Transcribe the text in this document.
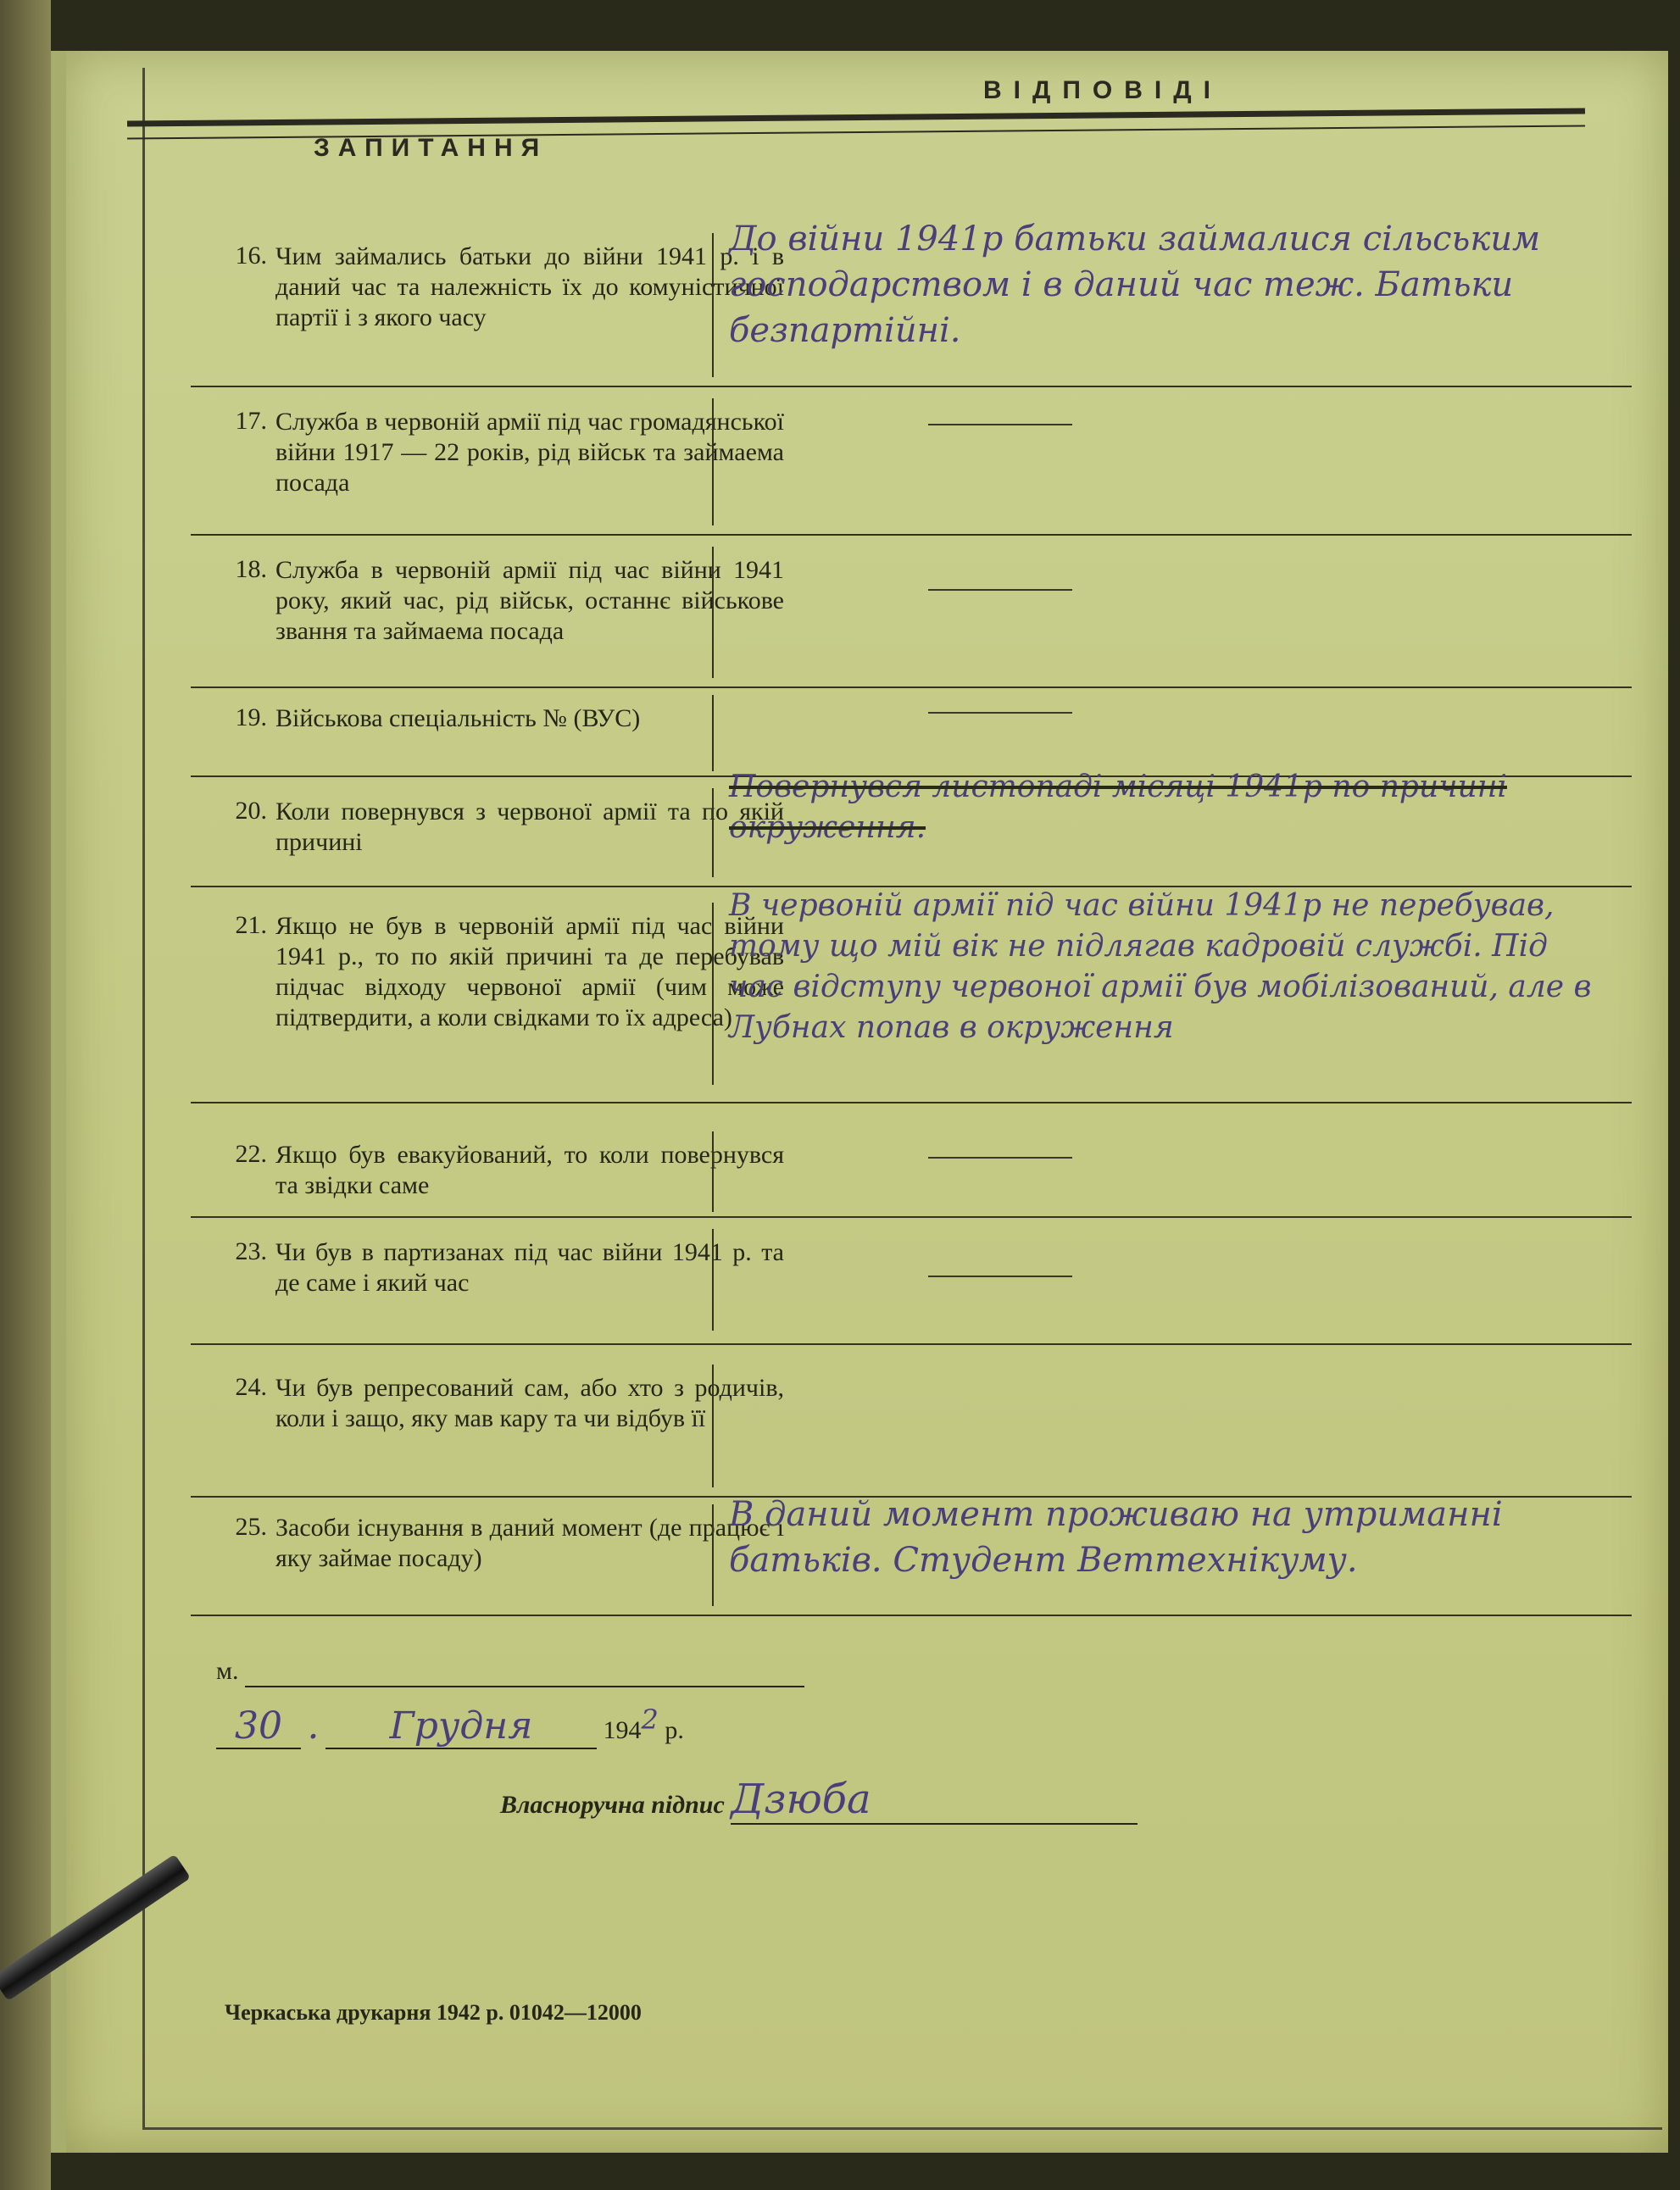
ЗАПИТАННЯ
ВІДПОВІДІ
16. Чим займались батьки до війни 1941 р. і в даний час та належність їх до комуністичної партії і з якого часу
До війни 1941р батьки займалися сільським господарством і в даний час теж. Батьки безпартійні.
17. Служба в червоній армії під час громадянської війни 1917 — 22 років, рід військ та займаема посада
18. Служба в червоній армії під час війни 1941 року, який час, рід військ, останнє військове звання та займаема посада
19. Військова спеціальність № (ВУС)
20. Коли повернувся з червоної армії та по якій причині
Повернувся листопаді місяці 1941р по причині окруження.
21. Якщо не був в червоній армії під час війни 1941 р., то по якій причині та де перебував підчас відходу червоної армії (чим може підтвердити, а коли свідками то їх адреса)
В червоній армії під час війни 1941р не перебував, тому що мій вік не підлягав кадровій службі. Під час відступу червоної армії був мобілізований, але в Лубнах попав в окруження
22. Якщо був евакуйований, то коли повернувся та звідки саме
23. Чи був в партизанах під час війни 1941 р. та де саме і який час
24. Чи був репресований сам, або хто з родичів, коли і защо, яку мав кару та чи відбув її
25. Засоби існування в даний момент (де працює і яку займае посаду)
В даний момент проживаю на утриманні батьків. Студент Веттехнікуму.
м.
30 . Грудня	1942 р.
Власноручна підпис Дзюба
Черкаська друкарня 1942 р. 01042—12000
